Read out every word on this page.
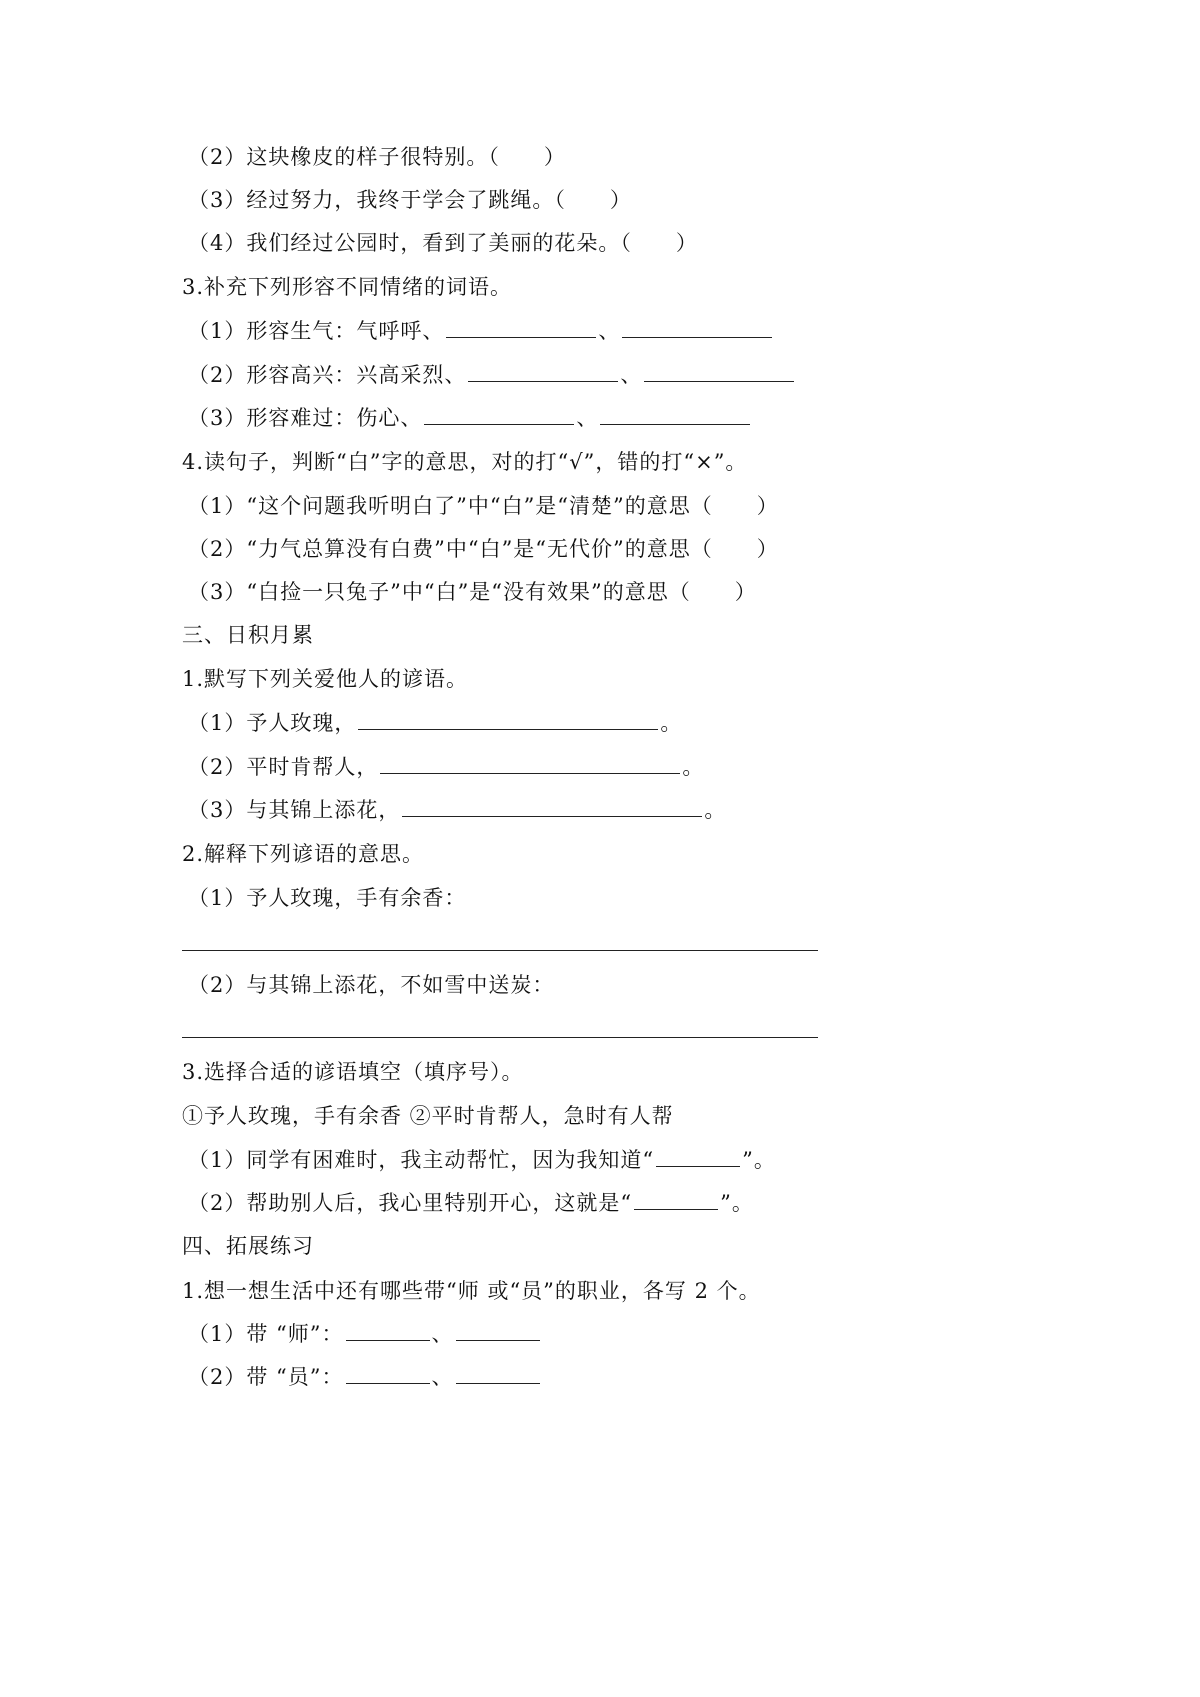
（2）这块橡皮的样子很特别。（　　）
（3）经过努力，我终于学会了跳绳。（　　）
（4）我们经过公园时，看到了美丽的花朵。（　　）
3.补充下列形容不同情绪的词语。
（1）形容生气：气呼呼、	、
（2）形容高兴：兴高采烈、	、
（3）形容难过：伤心、	、
4.读句子，判断“白”字的意思，对的打“√”，错的打“×”。
（1）“这个问题我听明白了”中“白”是“清楚”的意思（　　）
（2）“力气总算没有白费”中“白”是“无代价”的意思（　　）
（3）“白捡一只兔子”中“白”是“没有效果”的意思（　　）
三、日积月累
1.默写下列关爱他人的谚语。
（1）予人玫瑰，	。
（2）平时肯帮人，	。
（3）与其锦上添花，	。
2.解释下列谚语的意思。
（1）予人玫瑰，手有余香：
（2）与其锦上添花，不如雪中送炭：
3.选择合适的谚语填空（填序号）。
①予人玫瑰，手有余香 ②平时肯帮人，急时有人帮
（1）同学有困难时，我主动帮忙，因为我知道“	”。
（2）帮助别人后，我心里特别开心，这就是“	”。
四、拓展练习
1.想一想生活中还有哪些带“师 或“员”的职业，各写 2 个。
（1）带 “师”：	、
（2）带 “员”：	、
